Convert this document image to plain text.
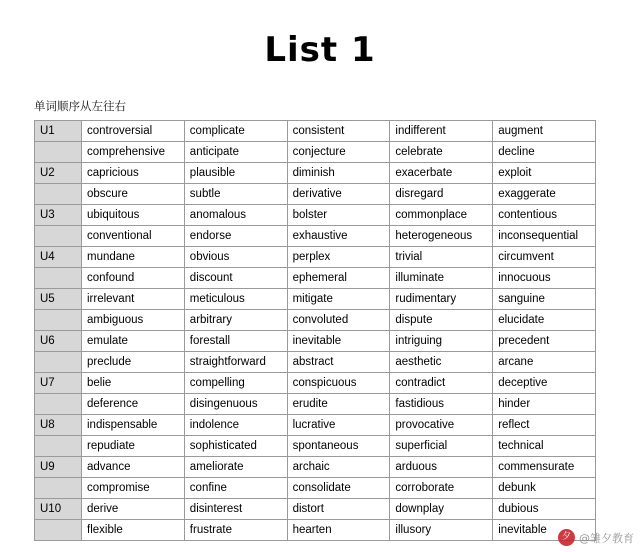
List 1
单词顺序从左往右
U1	controversial	complicate	consistent	indifferent	augment
	comprehensive	anticipate	conjecture	celebrate	decline
U2	capricious	plausible	diminish	exacerbate	exploit
	obscure	subtle	derivative	disregard	exaggerate
U3	ubiquitous	anomalous	bolster	commonplace	contentious
	conventional	endorse	exhaustive	heterogeneous	inconsequential
U4	mundane	obvious	perplex	trivial	circumvent
	confound	discount	ephemeral	illuminate	innocuous
U5	irrelevant	meticulous	mitigate	rudimentary	sanguine
	ambiguous	arbitrary	convoluted	dispute	elucidate
U6	emulate	forestall	inevitable	intriguing	precedent
	preclude	straightforward	abstract	aesthetic	arcane
U7	belie	compelling	conspicuous	contradict	deceptive
	deference	disingenuous	erudite	fastidious	hinder
U8	indispensable	indolence	lucrative	provocative	reflect
	repudiate	sophisticated	spontaneous	superficial	technical
U9	advance	ameliorate	archaic	arduous	commensurate
	compromise	confine	consolidate	corroborate	debunk
U10	derive	disinterest	distort	downplay	dubious
	flexible	frustrate	hearten	illusory	inevitable
夕 @雏夕教育
